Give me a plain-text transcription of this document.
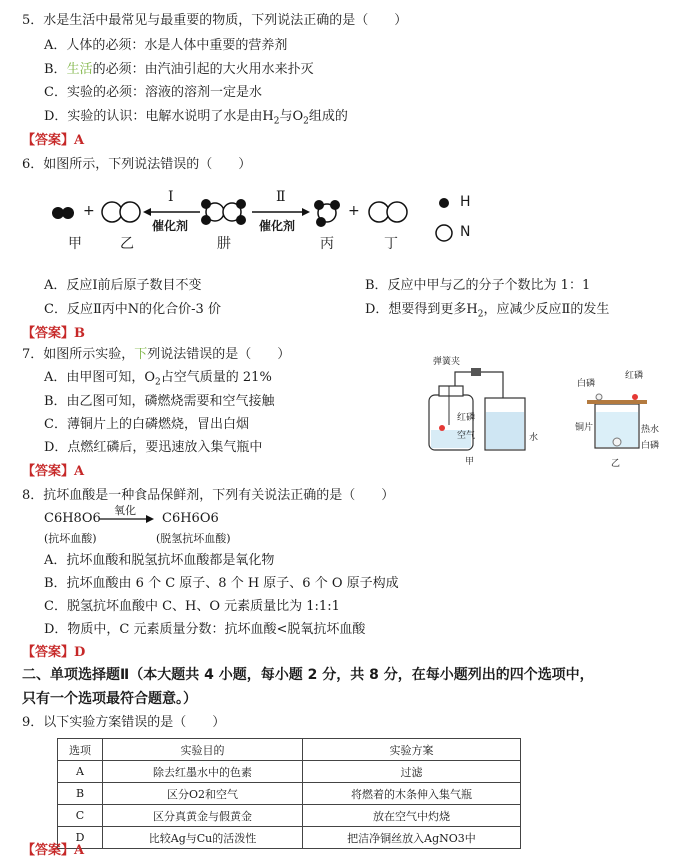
5．水是生活中最常见与最重要的物质，下列说法正确的是（　　）
A．人体的必须：水是人体中重要的营养剂
B．生活的必须：由汽油引起的大火用水来扑灭
C．实验的必须：溶液的溶剂一定是水
D．实验的认识：电解水说明了水是由$H_2$与$O_2$组成的
【答案】A
6．如图所示，下列说法错误的（　　）
+	+
Ⅰ
催化剂
Ⅱ
催化剂
甲	乙	肼	丙	丁
H
N
A．反应Ⅰ前后原子数目不变	B．反应中甲与乙的分子个数比为 1：1
C．反应Ⅱ丙中N的化合价-3 价	D．想要得到更多$H_2$，应减少反应Ⅱ的发生
【答案】B
7．如图所示实验，下列说法错误的是（　　）
A．由甲图可知，$O_2$占空气质量的 21%
B．由乙图可知，磷燃烧需要和空气接触
C．薄铜片上的白磷燃烧，冒出白烟
D．点燃红磷后，要迅速放入集气瓶中
【答案】A
弹簧夹
红磷
空气	水
甲
白磷
红磷
铜片	热水
白磷
乙
8．抗坏血酸是一种食品保鲜剂，下列有关说法正确的是（　　）
C6H8O6
氧化
C6H6O6
(抗坏血酸)	(脱氢抗坏血酸)
A．抗坏血酸和脱氢抗坏血酸都是氧化物
B．抗坏血酸由 6 个 C 原子、8 个 H 原子、6 个 O 原子构成
C．脱氢抗坏血酸中 C、H、O 元素质量比为 1:1:1
D．物质中，C 元素质量分数：抗坏血酸<脱氧抗坏血酸
【答案】D
二、单项选择题Ⅱ（本大题共 4 小题，每小题 2 分，共 8 分，在每小题列出的四个选项中，
只有一个选项最符合题意。）
9．以下实验方案错误的是（　　）
选项	实验目的	实验方案
A	除去红墨水中的色素	过滤
B	区分O2和空气	将燃着的木条伸入集气瓶
C	区分真黄金与假黄金	放在空气中灼烧
D	比较Ag与Cu的活泼性	把洁净铜丝放入AgNO3中
【答案】A
